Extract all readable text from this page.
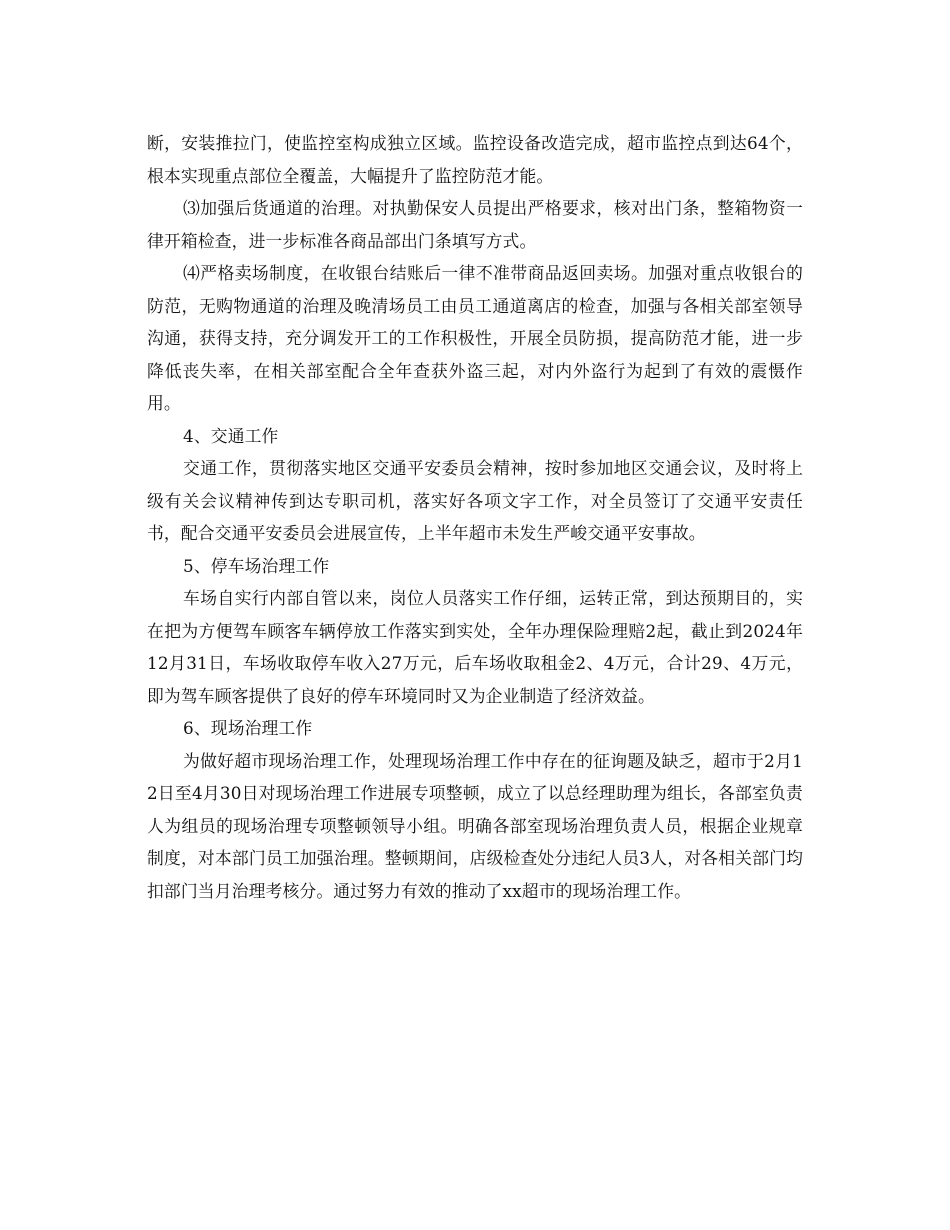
断，安装推拉门，使监控室构成独立区域。监控设备改造完成，超市监控点到达64个，根本实现重点部位全覆盖，大幅提升了监控防范才能。

⑶加强后货通道的治理。对执勤保安人员提出严格要求，核对出门条，整箱物资一律开箱检查，进一步标准各商品部出门条填写方式。

⑷严格卖场制度，在收银台结账后一律不准带商品返回卖场。加强对重点收银台的防范，无购物通道的治理及晚清场员工由员工通道离店的检查，加强与各相关部室领导沟通，获得支持，充分调发开工的工作积极性，开展全员防损，提高防范才能，进一步降低丧失率，在相关部室配合全年查获外盗三起，对内外盗行为起到了有效的震慑作用。

4、交通工作

交通工作，贯彻落实地区交通平安委员会精神，按时参加地区交通会议，及时将上级有关会议精神传到达专职司机，落实好各项文字工作，对全员签订了交通平安责任书，配合交通平安委员会进展宣传，上半年超市未发生严峻交通平安事故。

5、停车场治理工作

车场自实行内部自管以来，岗位人员落实工作仔细，运转正常，到达预期目的，实在把为方便驾车顾客车辆停放工作落实到实处，全年办理保险理赔2起，截止到2024年12月31日，车场收取停车收入27万元，后车场收取租金2、4万元，合计29、4万元，即为驾车顾客提供了良好的停车环境同时又为企业制造了经济效益。

6、现场治理工作

为做好超市现场治理工作，处理现场治理工作中存在的征询题及缺乏，超市于2月12日至4月30日对现场治理工作进展专项整顿，成立了以总经理助理为组长，各部室负责人为组员的现场治理专项整顿领导小组。明确各部室现场治理负责人员，根据企业规章制度，对本部门员工加强治理。整顿期间，店级检查处分违纪人员3人，对各相关部门均扣部门当月治理考核分。通过努力有效的推动了xx超市的现场治理工作。
